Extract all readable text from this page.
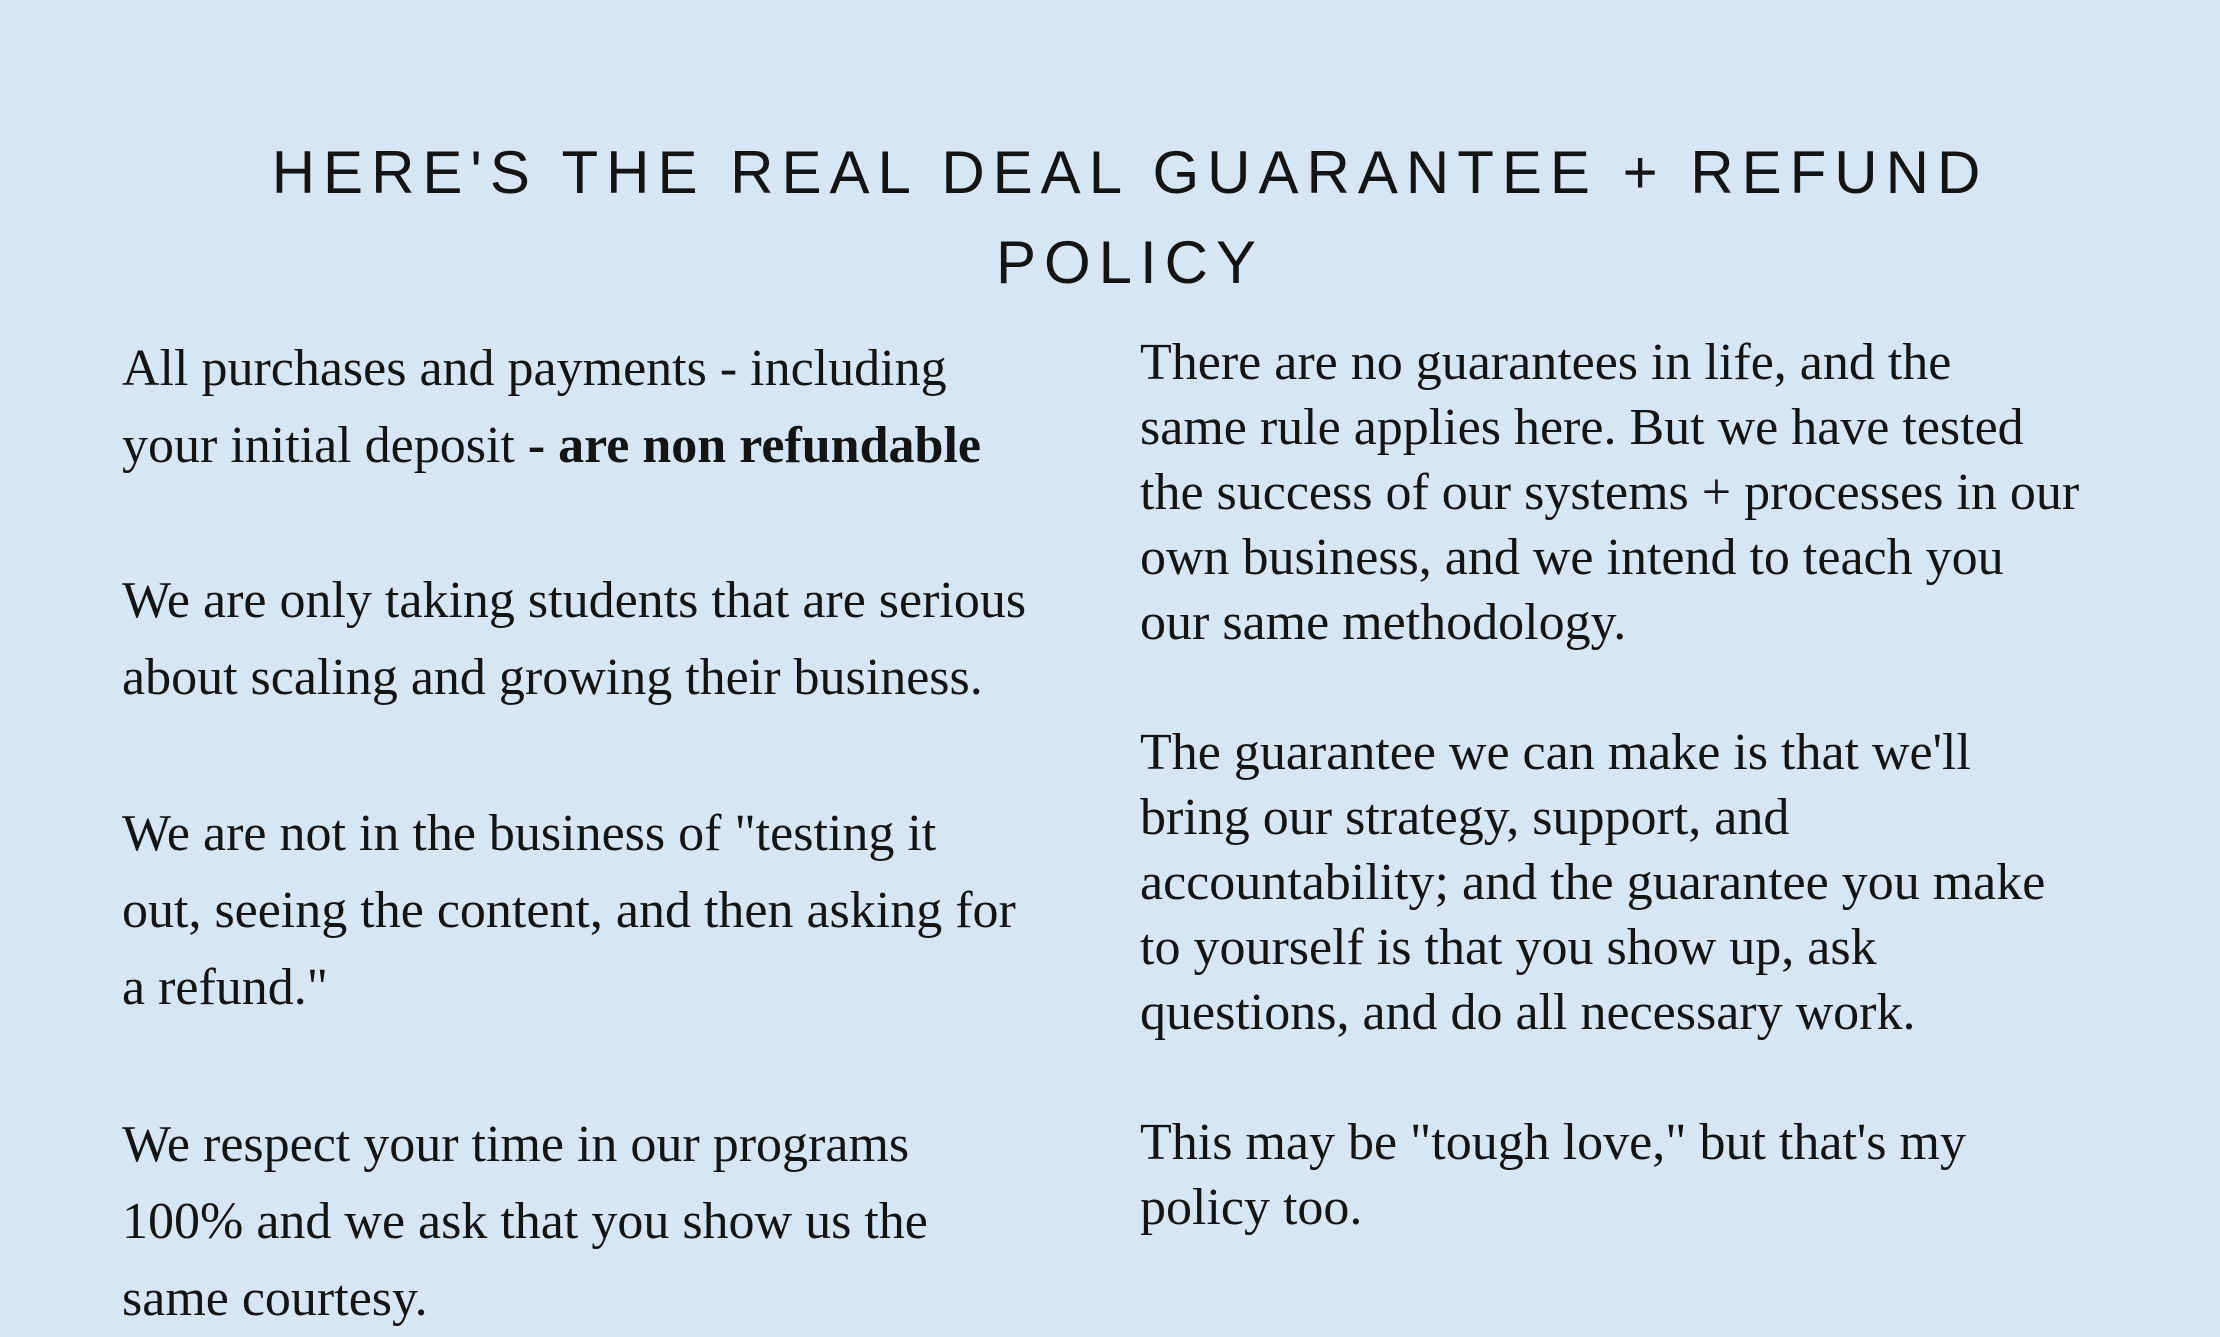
HERE'S THE REAL DEAL GUARANTEE + REFUND
POLICY

All purchases and payments - including
your initial deposit - are non refundable

We are only taking students that are serious
about scaling and growing their business.

We are not in the business of "testing it
out, seeing the content, and then asking for
a refund."

We respect your time in our programs
100% and we ask that you show us the
same courtesy.

There are no guarantees in life, and the
same rule applies here. But we have tested
the success of our systems + processes in our
own business, and we intend to teach you
our same methodology.

The guarantee we can make is that we'll
bring our strategy, support, and
accountability; and the guarantee you make
to yourself is that you show up, ask
questions, and do all necessary work.

This may be "tough love," but that's my
policy too.
